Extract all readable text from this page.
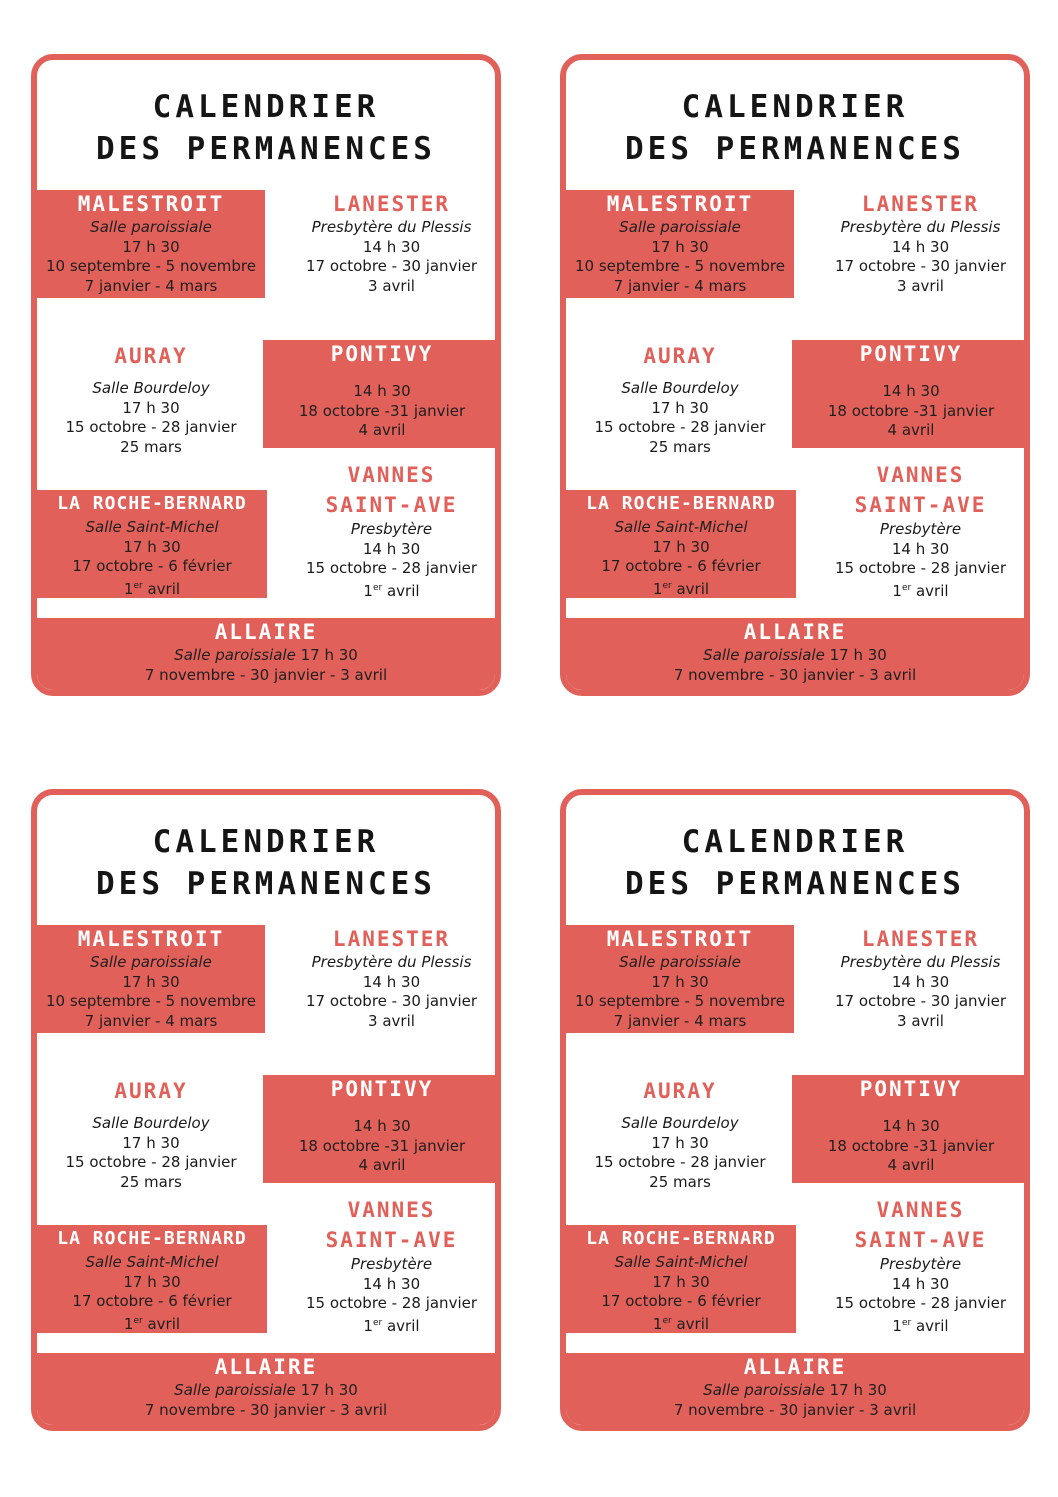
CALENDRIER
DES PERMANENCES
MALESTROIT
Salle paroissiale
17 h 30
10 septembre - 5 novembre
7 janvier - 4 mars
LANESTER
Presbytère du Plessis
14 h 30
17 octobre - 30 janvier
3 avril
AURAY
Salle Bourdeloy
17 h 30
15 octobre - 28 janvier
25 mars
PONTIVY
14 h 30
18 octobre -31 janvier
4 avril
LA ROCHE-BERNARD
Salle Saint-Michel
17 h 30
17 octobre - 6 février
1er avril
VANNES
SAINT-AVE
Presbytère
14 h 30
15 octobre - 28 janvier
1er avril
ALLAIRE
Salle paroissiale 17 h 30
7 novembre - 30 janvier - 3 avril
CALENDRIER
DES PERMANENCES
MALESTROIT
Salle paroissiale
17 h 30
10 septembre - 5 novembre
7 janvier - 4 mars
LANESTER
Presbytère du Plessis
14 h 30
17 octobre - 30 janvier
3 avril
AURAY
Salle Bourdeloy
17 h 30
15 octobre - 28 janvier
25 mars
PONTIVY
14 h 30
18 octobre -31 janvier
4 avril
LA ROCHE-BERNARD
Salle Saint-Michel
17 h 30
17 octobre - 6 février
1er avril
VANNES
SAINT-AVE
Presbytère
14 h 30
15 octobre - 28 janvier
1er avril
ALLAIRE
Salle paroissiale 17 h 30
7 novembre - 30 janvier - 3 avril
CALENDRIER
DES PERMANENCES
MALESTROIT
Salle paroissiale
17 h 30
10 septembre - 5 novembre
7 janvier - 4 mars
LANESTER
Presbytère du Plessis
14 h 30
17 octobre - 30 janvier
3 avril
AURAY
Salle Bourdeloy
17 h 30
15 octobre - 28 janvier
25 mars
PONTIVY
14 h 30
18 octobre -31 janvier
4 avril
LA ROCHE-BERNARD
Salle Saint-Michel
17 h 30
17 octobre - 6 février
1er avril
VANNES
SAINT-AVE
Presbytère
14 h 30
15 octobre - 28 janvier
1er avril
ALLAIRE
Salle paroissiale 17 h 30
7 novembre - 30 janvier - 3 avril
CALENDRIER
DES PERMANENCES
MALESTROIT
Salle paroissiale
17 h 30
10 septembre - 5 novembre
7 janvier - 4 mars
LANESTER
Presbytère du Plessis
14 h 30
17 octobre - 30 janvier
3 avril
AURAY
Salle Bourdeloy
17 h 30
15 octobre - 28 janvier
25 mars
PONTIVY
14 h 30
18 octobre -31 janvier
4 avril
LA ROCHE-BERNARD
Salle Saint-Michel
17 h 30
17 octobre - 6 février
1er avril
VANNES
SAINT-AVE
Presbytère
14 h 30
15 octobre - 28 janvier
1er avril
ALLAIRE
Salle paroissiale 17 h 30
7 novembre - 30 janvier - 3 avril
